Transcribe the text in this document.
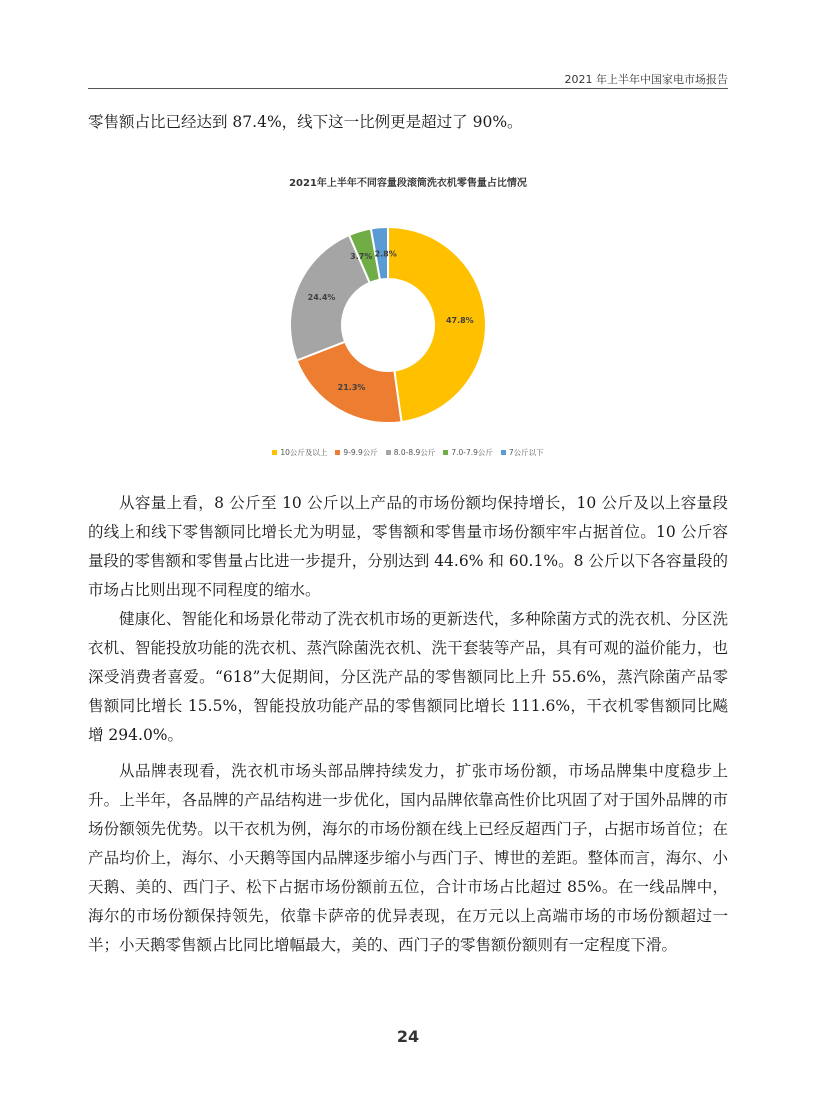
2021 年上半年中国家电市场报告

零售额占比已经达到 87.4%，线下这一比例更是超过了 90%。

2021年上半年不同容量段滚筒洗衣机零售量占比情况
47.8%
21.3%
24.4%
3.7% 2.8%
10公斤及以上 9-9.9公斤 8.0-8.9公斤 7.0-7.9公斤 7公斤以下

从容量上看，8 公斤至 10 公斤以上产品的市场份额均保持增长，10 公斤及以上容量段的线上和线下零售额同比增长尤为明显，零售额和零售量市场份额牢牢占据首位。10 公斤容量段的零售额和零售量占比进一步提升，分别达到 44.6% 和 60.1%。8 公斤以下各容量段的市场占比则出现不同程度的缩水。

健康化、智能化和场景化带动了洗衣机市场的更新迭代，多种除菌方式的洗衣机、分区洗衣机、智能投放功能的洗衣机、蒸汽除菌洗衣机、洗干套装等产品，具有可观的溢价能力，也深受消费者喜爱。“618”大促期间，分区洗产品的零售额同比上升 55.6%，蒸汽除菌产品零售额同比增长 15.5%，智能投放功能产品的零售额同比增长 111.6%，干衣机零售额同比飚增 294.0%。

从品牌表现看，洗衣机市场头部品牌持续发力，扩张市场份额，市场品牌集中度稳步上升。上半年，各品牌的产品结构进一步优化，国内品牌依靠高性价比巩固了对于国外品牌的市场份额领先优势。以干衣机为例，海尔的市场份额在线上已经反超西门子，占据市场首位；在产品均价上，海尔、小天鹅等国内品牌逐步缩小与西门子、博世的差距。整体而言，海尔、小天鹅、美的、西门子、松下占据市场份额前五位，合计市场占比超过 85%。在一线品牌中，海尔的市场份额保持领先，依靠卡萨帝的优异表现，在万元以上高端市场的市场份额超过一半；小天鹅零售额占比同比增幅最大，美的、西门子的零售额份额则有一定程度下滑。

24
